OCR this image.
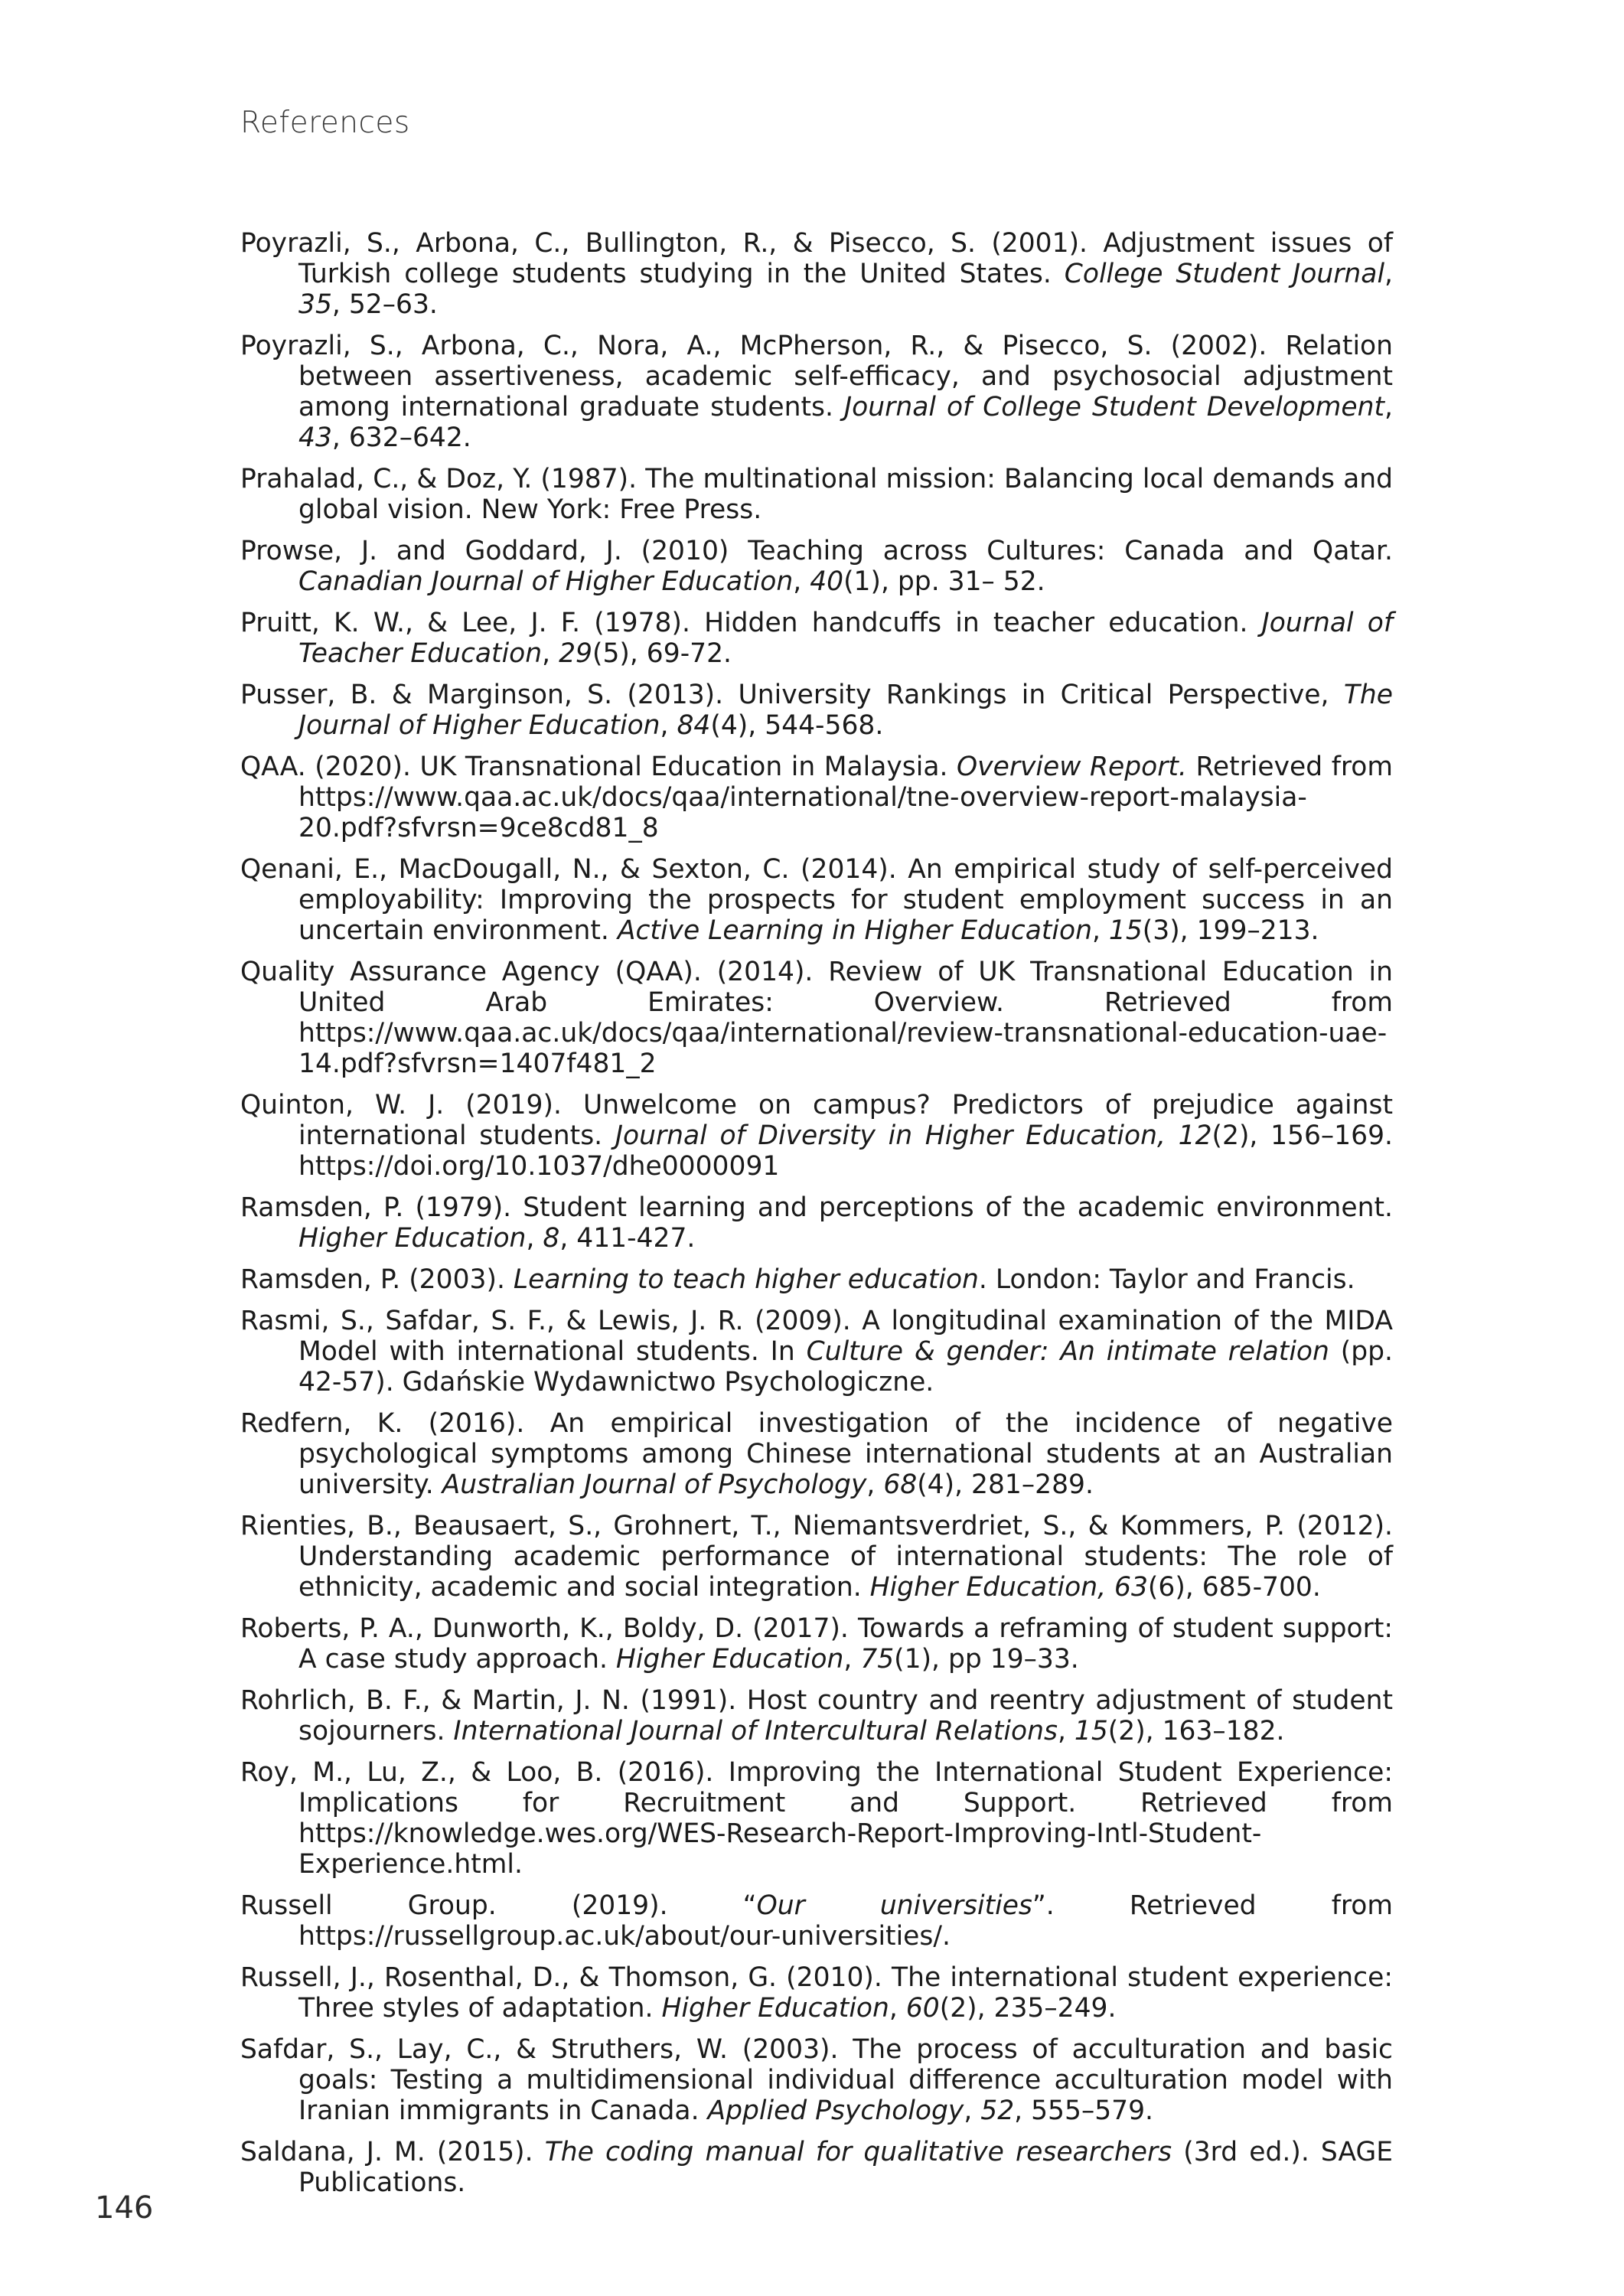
References

Poyrazli, S., Arbona, C., Bullington, R., & Pisecco, S. (2001). Adjustment issues of Turkish college students studying in the United States. College Student Journal, 35, 52–63.

Poyrazli, S., Arbona, C., Nora, A., McPherson, R., & Pisecco, S. (2002). Relation between assertiveness, academic self-efficacy, and psychosocial adjustment among international graduate students. Journal of College Student Development, 43, 632–642.

Prahalad, C., & Doz, Y. (1987). The multinational mission: Balancing local demands and global vision. New York: Free Press.

Prowse, J. and Goddard, J. (2010) Teaching across Cultures: Canada and Qatar. Canadian Journal of Higher Education, 40(1), pp. 31– 52.

Pruitt, K. W., & Lee, J. F. (1978). Hidden handcuffs in teacher education. Journal of Teacher Education, 29(5), 69-72.

Pusser, B. & Marginson, S. (2013). University Rankings in Critical Perspective, The Journal of Higher Education, 84(4), 544-568.

QAA. (2020). UK Transnational Education in Malaysia. Overview Report. Retrieved from https://www.qaa.ac.uk/docs/qaa/international/tne-overview-report-malaysia-20.pdf?sfvrsn=9ce8cd81_8

Qenani, E., MacDougall, N., & Sexton, C. (2014). An empirical study of self-perceived employability: Improving the prospects for student employment success in an uncertain environment. Active Learning in Higher Education, 15(3), 199–213.

Quality Assurance Agency (QAA). (2014). Review of UK Transnational Education in United Arab Emirates: Overview. Retrieved from https://www.qaa.ac.uk/docs/qaa/international/review-transnational-education-uae-14.pdf?sfvrsn=1407f481_2

Quinton, W. J. (2019). Unwelcome on campus? Predictors of prejudice against international students. Journal of Diversity in Higher Education, 12(2), 156–169. https://doi.org/10.1037/dhe0000091

Ramsden, P. (1979). Student learning and perceptions of the academic environment. Higher Education, 8, 411-427.

Ramsden, P. (2003). Learning to teach higher education. London: Taylor and Francis.

Rasmi, S., Safdar, S. F., & Lewis, J. R. (2009). A longitudinal examination of the MIDA Model with international students. In Culture & gender: An intimate relation (pp. 42-57). Gdańskie Wydawnictwo Psychologiczne.

Redfern, K. (2016). An empirical investigation of the incidence of negative psychological symptoms among Chinese international students at an Australian university. Australian Journal of Psychology, 68(4), 281–289.

Rienties, B., Beausaert, S., Grohnert, T., Niemantsverdriet, S., & Kommers, P. (2012). Understanding academic performance of international students: The role of ethnicity, academic and social integration. Higher Education, 63(6), 685-700.

Roberts, P. A., Dunworth, K., Boldy, D. (2017). Towards a reframing of student support: A case study approach. Higher Education, 75(1), pp 19–33.

Rohrlich, B. F., & Martin, J. N. (1991). Host country and reentry adjustment of student sojourners. International Journal of Intercultural Relations, 15(2), 163–182.

Roy, M., Lu, Z., & Loo, B. (2016). Improving the International Student Experience: Implications for Recruitment and Support. Retrieved from https://knowledge.wes.org/WES-Research-Report-Improving-Intl-Student-Experience.html.

Russell Group. (2019). “Our universities”. Retrieved from https://russellgroup.ac.uk/about/our-universities/.

Russell, J., Rosenthal, D., & Thomson, G. (2010). The international student experience: Three styles of adaptation. Higher Education, 60(2), 235–249.

Safdar, S., Lay, C., & Struthers, W. (2003). The process of acculturation and basic goals: Testing a multidimensional individual difference acculturation model with Iranian immigrants in Canada. Applied Psychology, 52, 555–579.

Saldana, J. M. (2015). The coding manual for qualitative researchers (3rd ed.). SAGE Publications.

146
